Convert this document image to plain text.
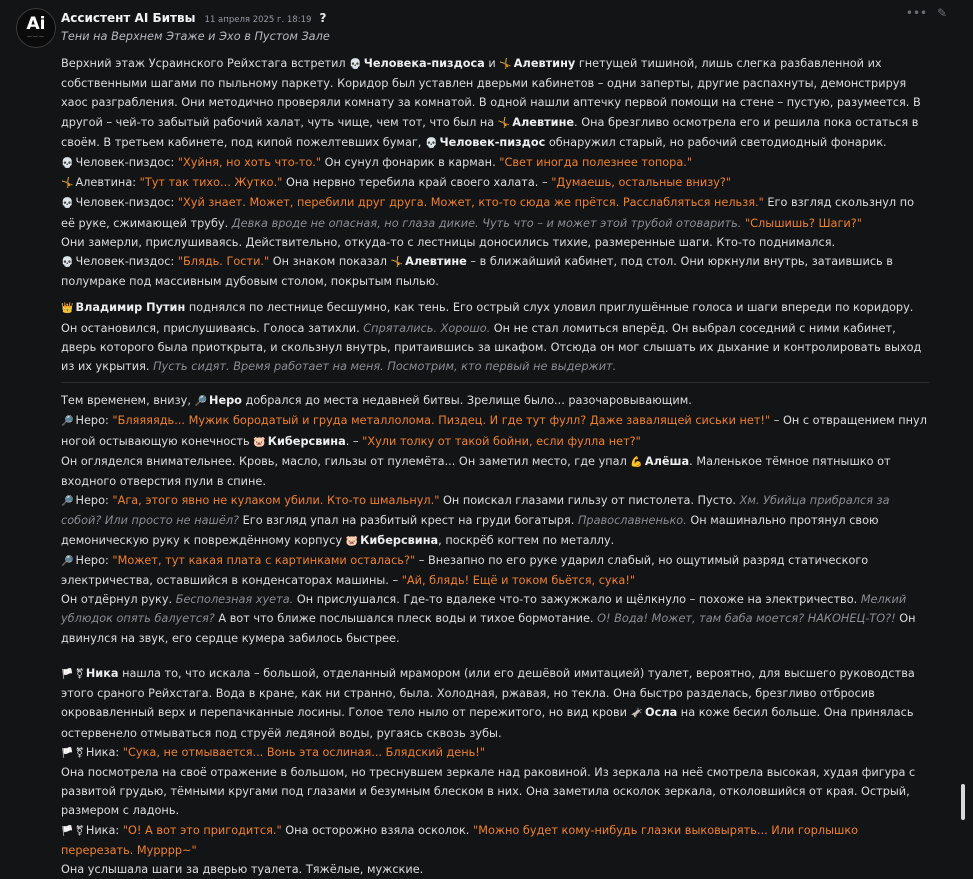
Ai
———
Ассистент AI Битвы 11 апреля 2025 г. 18:19 ?	••• ✎
Тени на Верхнем Этаже и Эхо в Пустом Зале

Верхний этаж Усраинского Рейхстага встретил 💀 Человека-пиздоса и 🤸 Алевтину гнетущей тишиной, лишь слегка разбавленной их собственными шагами по пыльному паркету. Коридор был уставлен дверьми кабинетов – одни заперты, другие распахнуты, демонстрируя хаос разграбления. Они методично проверяли комнату за комнатой. В одной нашли аптечку первой помощи на стене – пустую, разумеется. В другой – чей-то забытый рабочий халат, чуть чище, чем тот, что был на 🤸 Алевтине. Она брезгливо осмотрела его и решила пока остаться в своём. В третьем кабинете, под кипой пожелтевших бумаг, 💀 Человек-пиздос обнаружил старый, но рабочий светодиодный фонарик.

💀 Человек-пиздос: "Хуйня, но хоть что-то." Он сунул фонарик в карман. "Свет иногда полезнее топора."

🤸 Алевтина: "Тут так тихо... Жутко." Она нервно теребила край своего халата. – "Думаешь, остальные внизу?"

💀 Человек-пиздос: "Хуй знает. Может, перебили друг друга. Может, кто-то сюда же прётся. Расслабляться нельзя." Его взгляд скользнул по её руке, сжимающей трубу. Девка вроде не опасная, но глаза дикие. Чуть что – и может этой трубой отоварить. "Слышишь? Шаги?"

Они замерли, прислушиваясь. Действительно, откуда-то с лестницы доносились тихие, размеренные шаги. Кто-то поднимался.

💀 Человек-пиздос: "Блядь. Гости." Он знаком показал 🤸 Алевтине – в ближайший кабинет, под стол. Они юркнули внутрь, затаившись в полумраке под массивным дубовым столом, покрытым пылью.

👑 Владимир Путин поднялся по лестнице бесшумно, как тень. Его острый слух уловил приглушённые голоса и шаги впереди по коридору. Он остановился, прислушиваясь. Голоса затихли. Спрятались. Хорошо. Он не стал ломиться вперёд. Он выбрал соседний с ними кабинет, дверь которого была приоткрыта, и скользнул внутрь, притаившись за шкафом. Отсюда он мог слышать их дыхание и контролировать выход из их укрытия. Пусть сидят. Время работает на меня. Посмотрим, кто первый не выдержит.

Тем временем, внизу, 🔎 Неро добрался до места недавней битвы. Зрелище было... разочаровывающим.

🔎 Неро: "Бляяяядь... Мужик бородатый и груда металлолома. Пиздец. И где тут фулл? Даже завалящей сиськи нет!" – Он с отвращением пнул ногой остывающую конечность 🐷 Киберсвина. – "Хули толку от такой бойни, если фулла нет?"

Он огляделся внимательнее. Кровь, масло, гильзы от пулемёта... Он заметил место, где упал 💪 Алёша. Маленькое тёмное пятнышко от входного отверстия пули в спине.

🔎 Неро: "Ага, этого явно не кулаком убили. Кто-то шмальнул." Он поискал глазами гильзу от пистолета. Пусто. Хм. Убийца прибрался за собой? Или просто не нашёл? Его взгляд упал на разбитый крест на груди богатыря. Православненько. Он машинально протянул свою демоническую руку к повреждённому корпусу 🐷 Киберсвина, поскрёб когтем по металлу.

🔎 Неро: "Может, тут какая плата с картинками осталась?" – Внезапно по его руке ударил слабый, но ощутимый разряд статического электричества, оставшийся в конденсаторах машины. – "Ай, блядь! Ещё и током бьётся, сука!"

Он отдёрнул руку. Бесполезная хуета. Он прислушался. Где-то вдалеке что-то зажужжало и щёлкнуло – похоже на электричество. Мелкий ублюдок опять балуется? А вот что ближе послышался плеск воды и тихое бормотание. О! Вода! Может, там баба моется? НАКОНЕЦ-ТО?! Он двинулся на звук, его сердце кумера забилось быстрее.

🏳️ ⚧ Ника нашла то, что искала – большой, отделанный мрамором (или его дешёвой имитацией) туалет, вероятно, для высшего руководства этого сраного Рейхстага. Вода в кране, как ни странно, была. Холодная, ржавая, но текла. Она быстро разделась, брезгливо отбросив окровавленный верх и перепачканные лосины. Голое тело ныло от пережитого, но вид крови 🫏 Осла на коже бесил больше. Она принялась остервенело отмываться под струёй ледяной воды, ругаясь сквозь зубы.

🏳️ ⚧ Ника: "Сука, не отмывается... Вонь эта ослиная... Блядский день!"

Она посмотрела на своё отражение в большом, но треснувшем зеркале над раковиной. Из зеркала на неё смотрела высокая, худая фигура с развитой грудью, тёмными кругами под глазами и безумным блеском в них. Она заметила осколок зеркала, отколовшийся от края. Острый, размером с ладонь.

🏳️ ⚧ Ника: "О! А вот это пригодится." Она осторожно взяла осколок. "Можно будет кому-нибудь глазки выковырять... Или горлышко перерезать. Мурррр~"

Она услышала шаги за дверью туалета. Тяжёлые, мужские.
